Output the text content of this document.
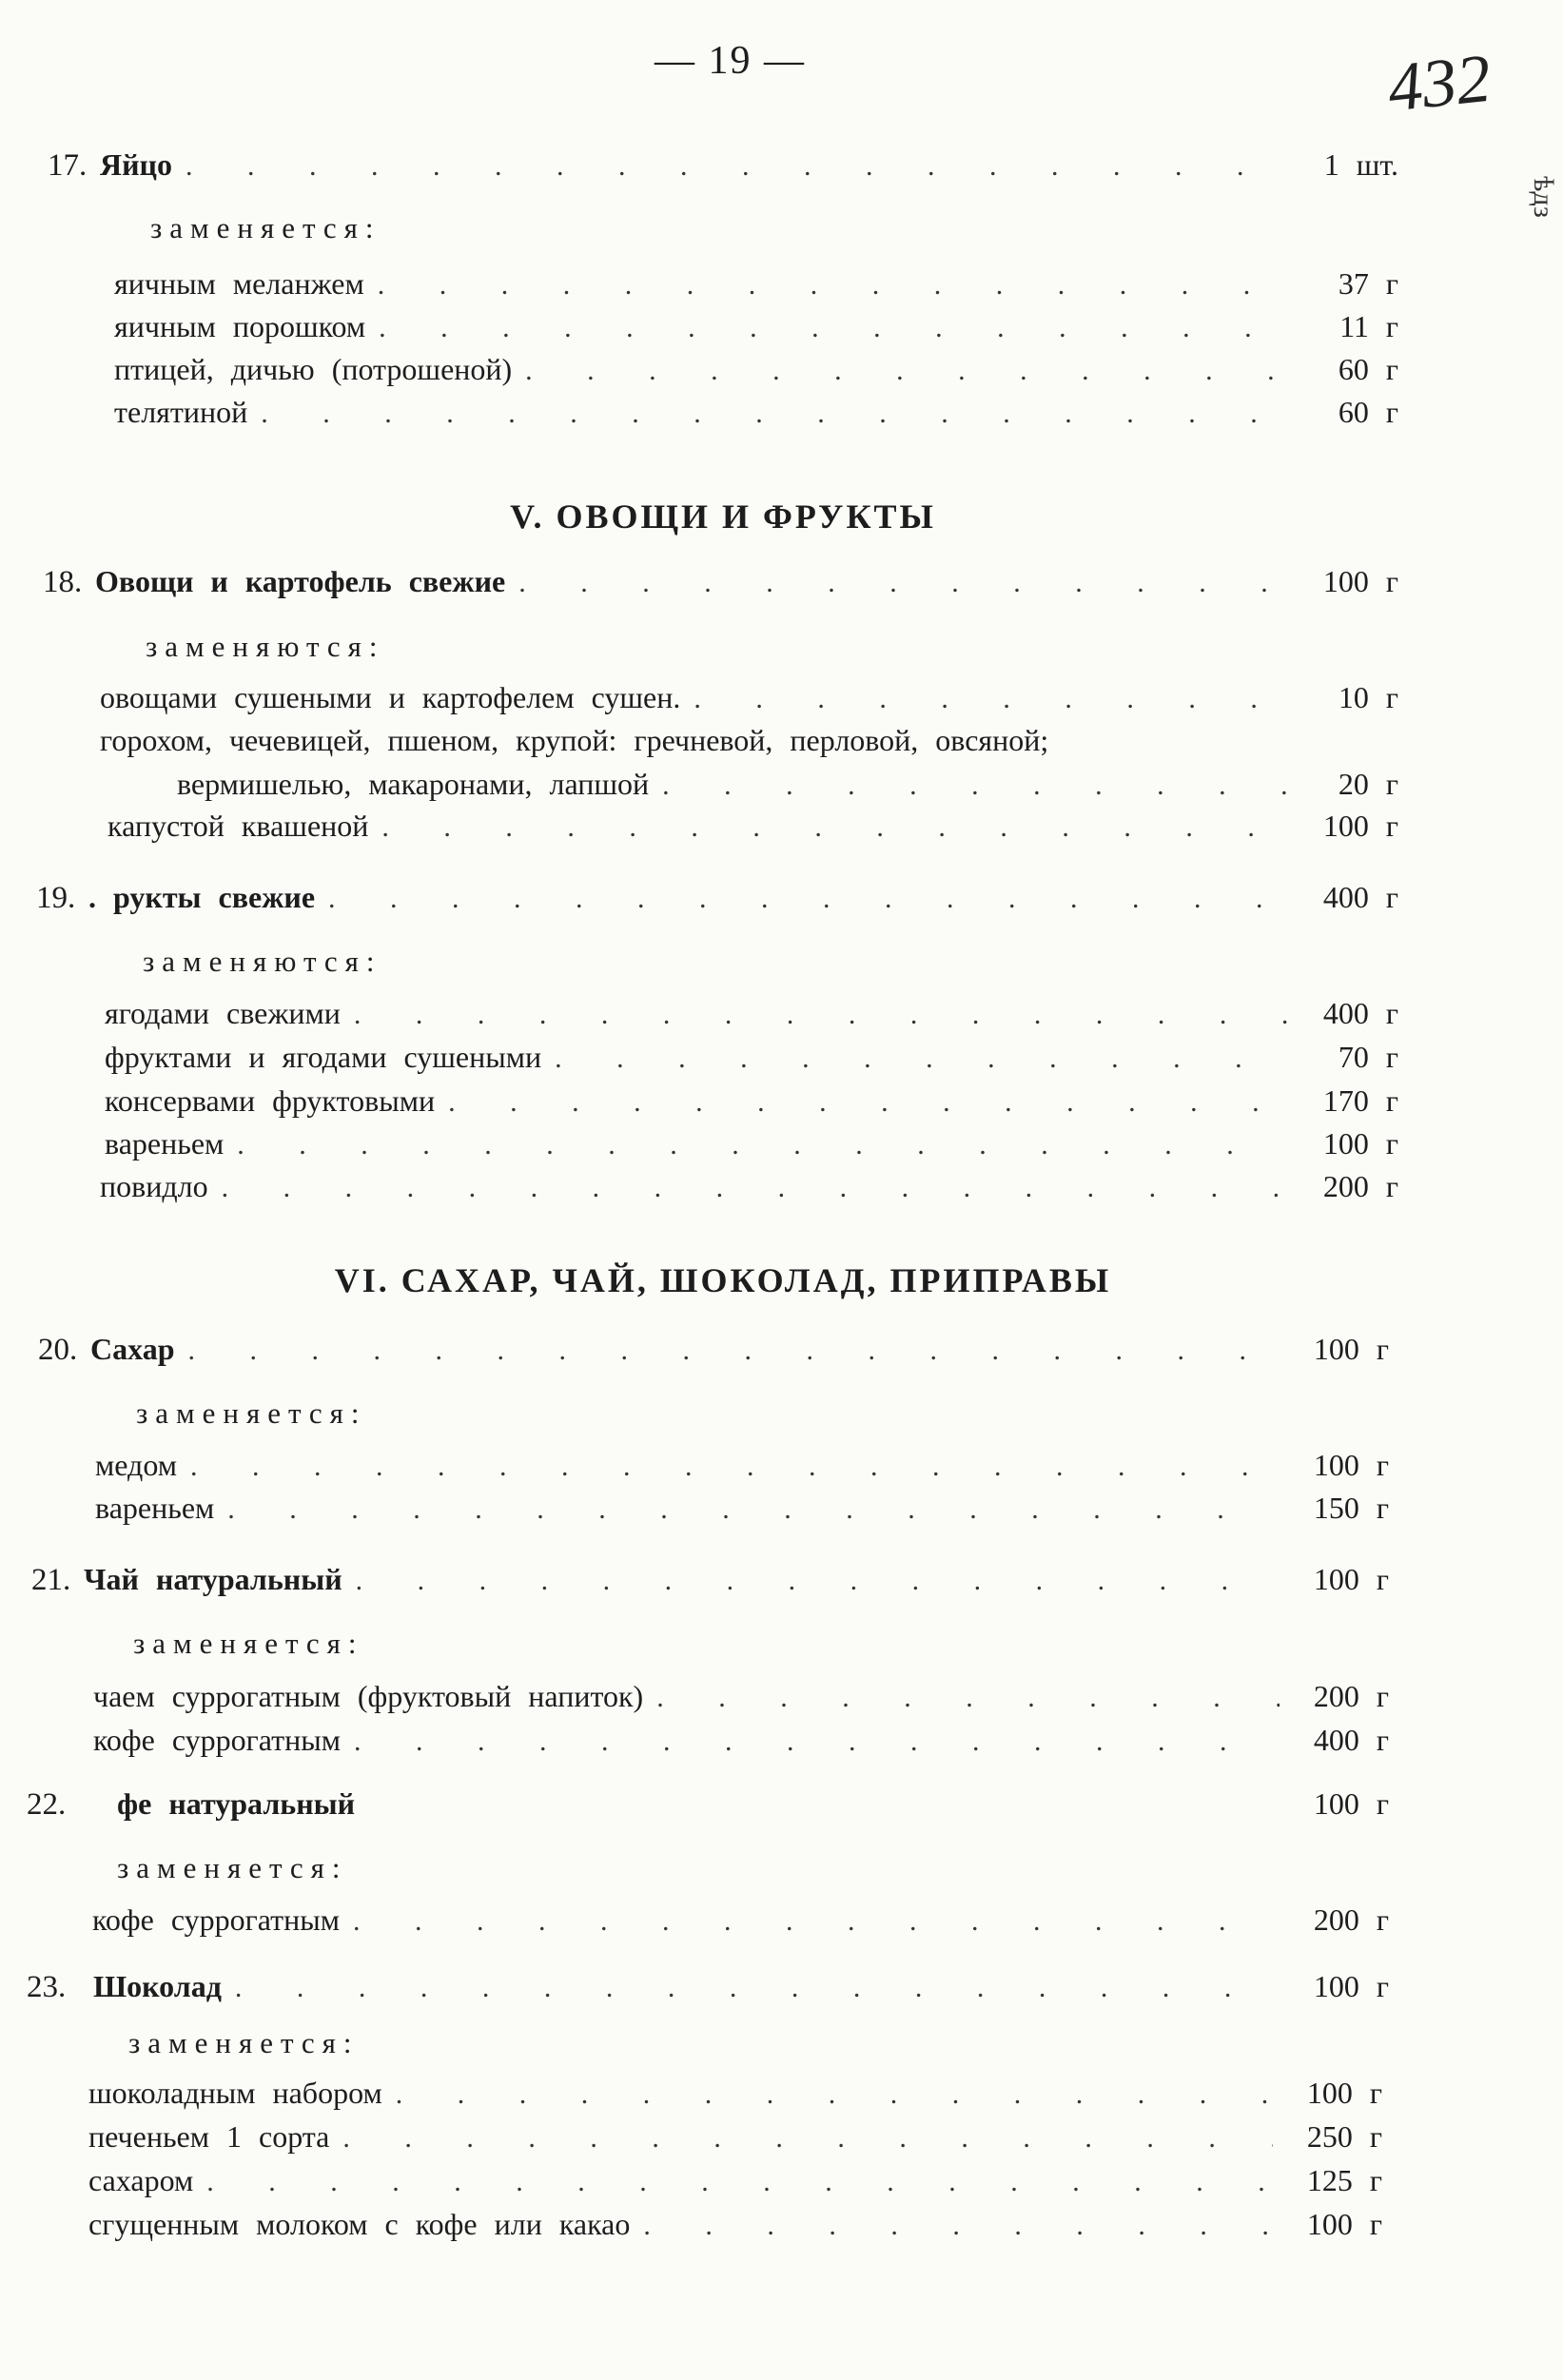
— 19 —	432
ѣдз
17. Яйцо . . .	1 шт.
заменяется:
яичным меланжем . . .	37 г
яичным порошком . . .	11 г
птицей, дичью (потрошеной) . . .	60 г
телятиной . . .	60 г
V. ОВОЩИ И ФРУКТЫ
18. Овощи и картофель свежие . . .	100 г
заменяются:
овощами сушеными и картофелем сушен. . . .	10 г
горохом, чечевицей, пшеном, крупой: гречневой, перловой, овсяной;
вермишелью, макаронами, лапшой . . .	20 г
капустой квашеной . . .	100 г
19. . рукты свежие . . .	400 г
заменяются:
ягодами свежими . . .	400 г
фруктами и ягодами сушеными . . .	70 г
консервами фруктовыми . . .	170 г
вареньем . . .	100 г
повидло . . .	200 г
VI. САХАР, ЧАЙ, ШОКОЛАД, ПРИПРАВЫ
20. Сахар . . .	100 г
заменяется:
медом . . .	100 г
вареньем . . .	150 г
21. Чай натуральный . . .	100 г
заменяется:
чаем суррогатным (фруктовый напиток) . . .	200 г
кофе суррогатным . . .	400 г
22.	фе натуральный	100 г
заменяется:
кофе суррогатным . . .	200 г
23. Шоколад . . .	100 г
заменяется:
шоколадным набором . . .	100 г
печеньем 1 сорта . . .	250 г
сахаром . . .	125 г
сгущенным молоком с кофе или какао . . .	100 г
